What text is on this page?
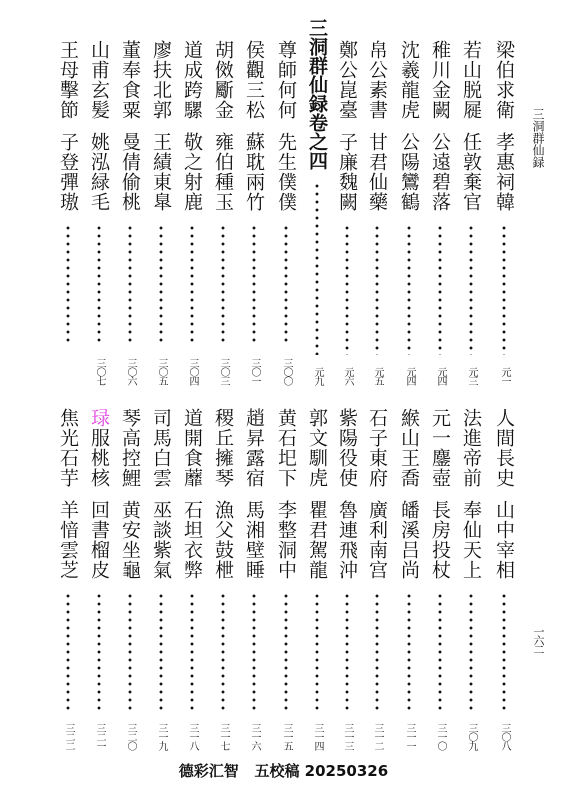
三洞群仙録
一六二
梁伯求衛
孝惠祠韓
元一
若山脱屣
任敦棄官
元三
稚川金闕
公遠碧落
元四
沈羲龍虎
公陽鸞鶴
元四
帛公素書
甘君仙藥
元五
鄭公崑臺
子廉魏闕
元六
三洞群仙録卷之四
元九
尊師何何
先生僕僕
三〇〇
侯觀三松
蘇耽兩竹
三〇一
胡傚斸金
雍伯種玉
三〇三
道成跨騾
敬之射鹿
三〇四
廖扶北郭
王績東臯
三〇五
董奉食粟
曼倩偷桃
三〇六
山甫玄髪
姚泓緑毛
三〇七
王母擊節
子登彈璈
人間長史
山中宰相
三〇八
法進帝前
奉仙天上
三〇九
元一鏖壺
長房投杖
三一〇
緱山王喬
皤溪吕尚
三一一
石子東府
廣利南宫
三一二
紫陽役使
魯連飛沖
三一三
郭文馴虎
瞿君駕龍
三一四
黄石圯下
李整洞中
三一五
趙昇露宿
馬湘壁睡
三一六
稷丘擁琴
漁父鼓枻
三一七
道開食蘼
石坦衣弊
三一八
司馬白雲
巫談紫氣
三一九
琴高控鯉
黄安坐龜
三二〇
琭服桃核
回書榴皮
三二一
焦光石芋
羊愔雲芝
三二二
德彩汇智   五校稿 20250326
